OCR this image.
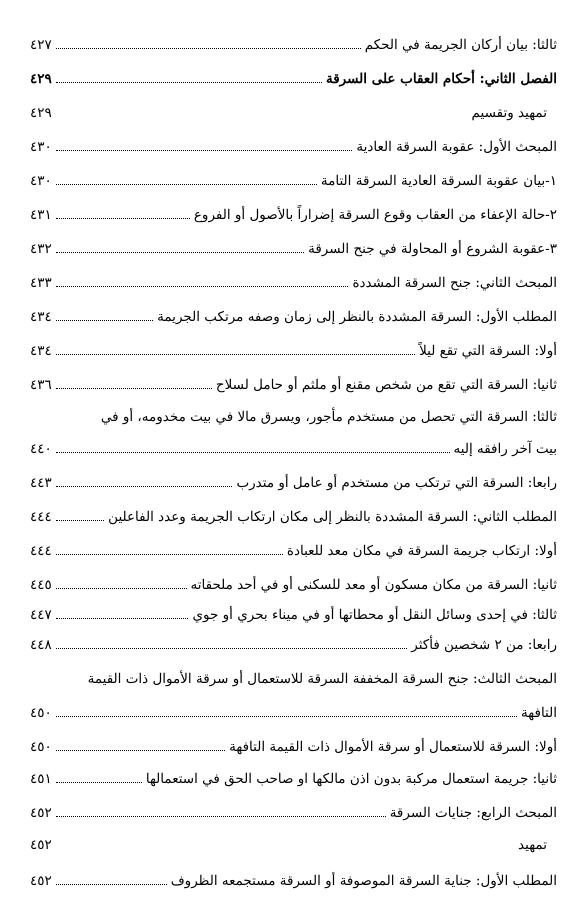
ثالثا: بيان أركان الجريمة في الحكم
٤٢٧
الفصل الثاني: أحكام العقاب على السرقة
٤٢٩
تمهيد وتقسيم
٤٢٩
المبحث الأول: عقوبة السرقة العادية
٤٣٠
١-بيان عقوبة السرقة العادية السرقة التامة
٤٣٠
٢-حالة الإعفاء من العقاب وقوع السرقة إضراراً بالأصول أو الفروع
٤٣١
٣-عقوبة الشروع أو المحاولة في جنح السرقة
٤٣٢
المبحث الثاني: جنح السرقة المشددة
٤٣٣
المطلب الأول: السرقة المشددة بالنظر إلى زمان وصفه مرتكب الجريمة
٤٣٤
أولا: السرقة التي تقع ليلاً
٤٣٤
ثانيا: السرقة التي تقع من شخص مقنع أو ملثم أو حامل لسلاح
٤٣٦
ثالثا: السرقة التي تحصل من مستخدم مأجور، ويسرق مالا في بيت مخدومه، أو في
بيت آخر رافقه إليه
٤٤٠
رابعا: السرقة التي ترتكب من مستخدم أو عامل أو متدرب
٤٤٣
المطلب الثاني: السرقة المشددة بالنظر إلى مكان ارتكاب الجريمة وعدد الفاعلين
٤٤٤
أولا: ارتكاب جريمة السرقة في مكان معد للعبادة
٤٤٤
ثانيا: السرقة من مكان مسكون أو معد للسكنى أو في أحد ملحقاته
٤٤٥
ثالثا: في إحدى وسائل النقل أو محطاتها أو في ميناء بحري أو جوي
٤٤٧
رابعا: من ٢ شخصين فأكثر
٤٤٨
المبحث الثالث: جنح السرقة المخففة السرقة للاستعمال أو سرقة الأموال ذات القيمة
التافهة
٤٥٠
أولا: السرقة للاستعمال أو سرقة الأموال ذات القيمة التافهة
٤٥٠
ثانيا: جريمة استعمال مركبة بدون اذن مالكها او صاحب الحق في استعمالها
٤٥١
المبحث الرابع: جنايات السرقة
٤٥٢
تمهيد
٤٥٢
المطلب الأول: جناية السرقة الموصوفة أو السرقة مستجمعه الظروف
٤٥٢
